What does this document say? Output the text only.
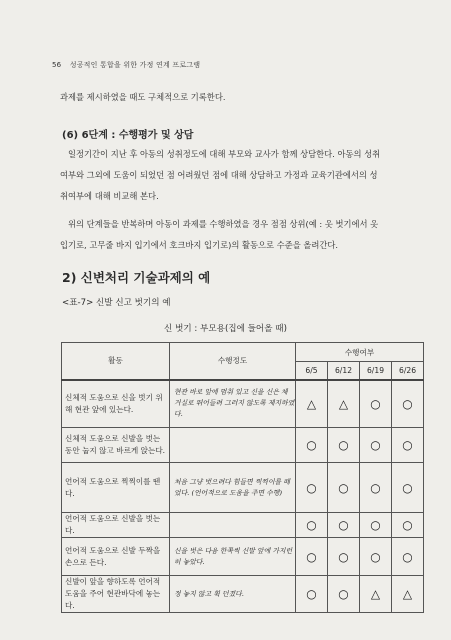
56 성공적인 통합을 위한 가정 연계 프로그램
과제를 제시하였을 때도 구체적으로 기록한다.
(6) 6단계 : 수행평가 및 상담
일정기간이 지난 후 아동의 성취정도에 대해 부모와 교사가 함께 상담한다. 아동의 성취
여부와 그외에 도움이 되었던 점 어려웠던 점에 대해 상담하고 가정과 교육기관에서의 성
취여부에 대해 비교해 본다.
위의 단계들을 반복하며 아동이 과제를 수행하였을 경우 점점 상위(예 : 옷 벗기에서 옷
입기로, 고무줄 바지 입기에서 호크바지 입기로)의 활동으로 수준을 올려간다.
2) 신변처리 기술과제의 예
<표-7> 신발 신고 벗기의 예
신 벗기 : 부모용(집에 들어올 때)
활동	수행정도	수행여부			
		6/5	6/12	6/19	6/26
신체적 도움으로 신을 벗기 위해 현관 앞에 있는다.	현관 바로 앞에 멈춰 있고 신을 신은 채 거실로 뛰어들려 그러지 않도록 제지하였다.	△	△	○	○
신체적 도움으로 신발을 벗는 동안 눕지 않고 바르게 앉는다.		○	○	○	○
언어적 도움으로 찍찍이를 뗀다.	처음 그냥 벗으려다 힘들면 찍찍이를 떼었다. (언어적으로 도움을 주면 수행)	○	○	○	○
언어적 도움으로 신발을 벗는다.		○	○	○	○
언어적 도움으로 신발 두짝을 손으로 든다.	신을 벗은 다음 한쪽씩 신발 앞에 가지런히 놓았다.	○	○	○	○
신발이 앞을 향하도록 언어적 도움을 주어 현관바닥에 놓는다.	정 놓지 않고 휙 던졌다.	○	○	△	△
